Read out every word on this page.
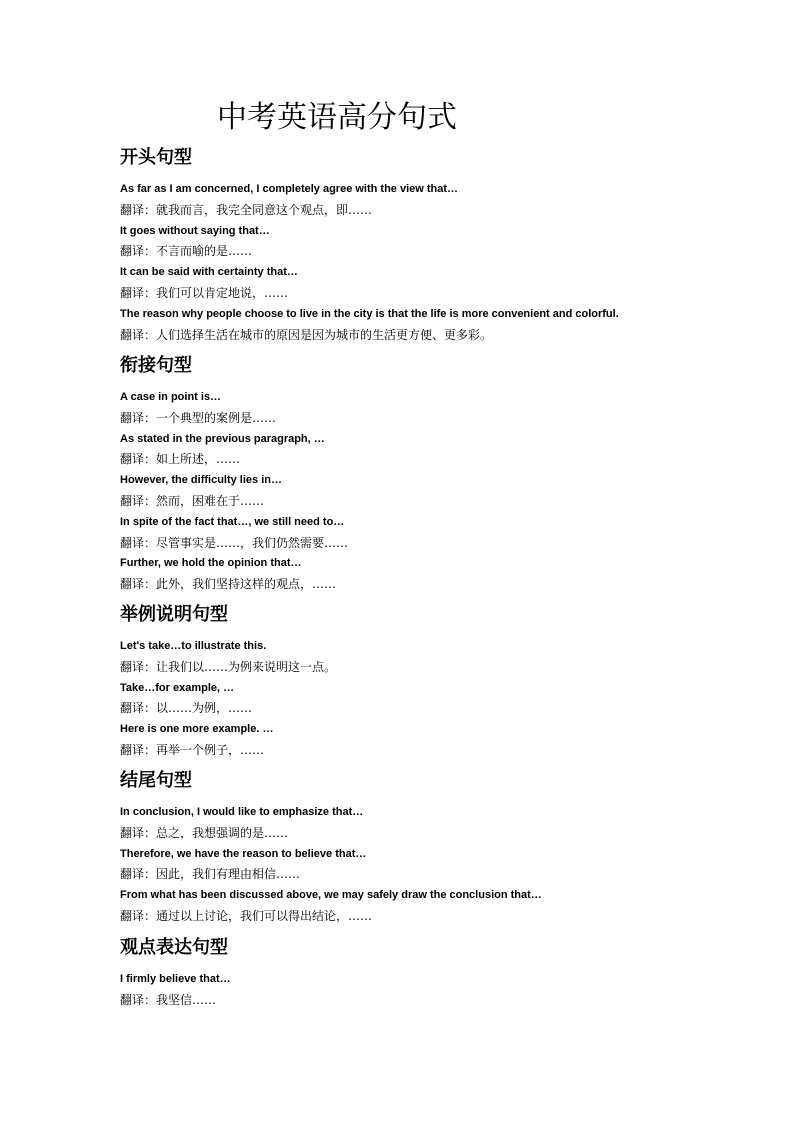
中考英语高分句式
开头句型
As far as I am concerned, I completely agree with the view that…
翻译：就我而言，我完全同意这个观点，即……
It goes without saying that…
翻译：不言而喻的是……
It can be said with certainty that…
翻译：我们可以肯定地说，……
The reason why people choose to live in the city is that the life is more convenient and colorful.
翻译：人们选择生活在城市的原因是因为城市的生活更方便、更多彩。
衔接句型
A case in point is…
翻译：一个典型的案例是……
As stated in the previous paragraph, …
翻译：如上所述，……
However, the difficulty lies in…
翻译：然而，困难在于……
In spite of the fact that…, we still need to…
翻译：尽管事实是……，我们仍然需要……
Further, we hold the opinion that…
翻译：此外，我们坚持这样的观点，……
举例说明句型
Let's take…to illustrate this.
翻译：让我们以……为例来说明这一点。
Take…for example, …
翻译：以……为例，……
Here is one more example. …
翻译：再举一个例子，……
结尾句型
In conclusion, I would like to emphasize that…
翻译：总之，我想强调的是……
Therefore, we have the reason to believe that…
翻译：因此，我们有理由相信……
From what has been discussed above, we may safely draw the conclusion that…
翻译：通过以上讨论，我们可以得出结论，……
观点表达句型
I firmly believe that…
翻译：我坚信……
